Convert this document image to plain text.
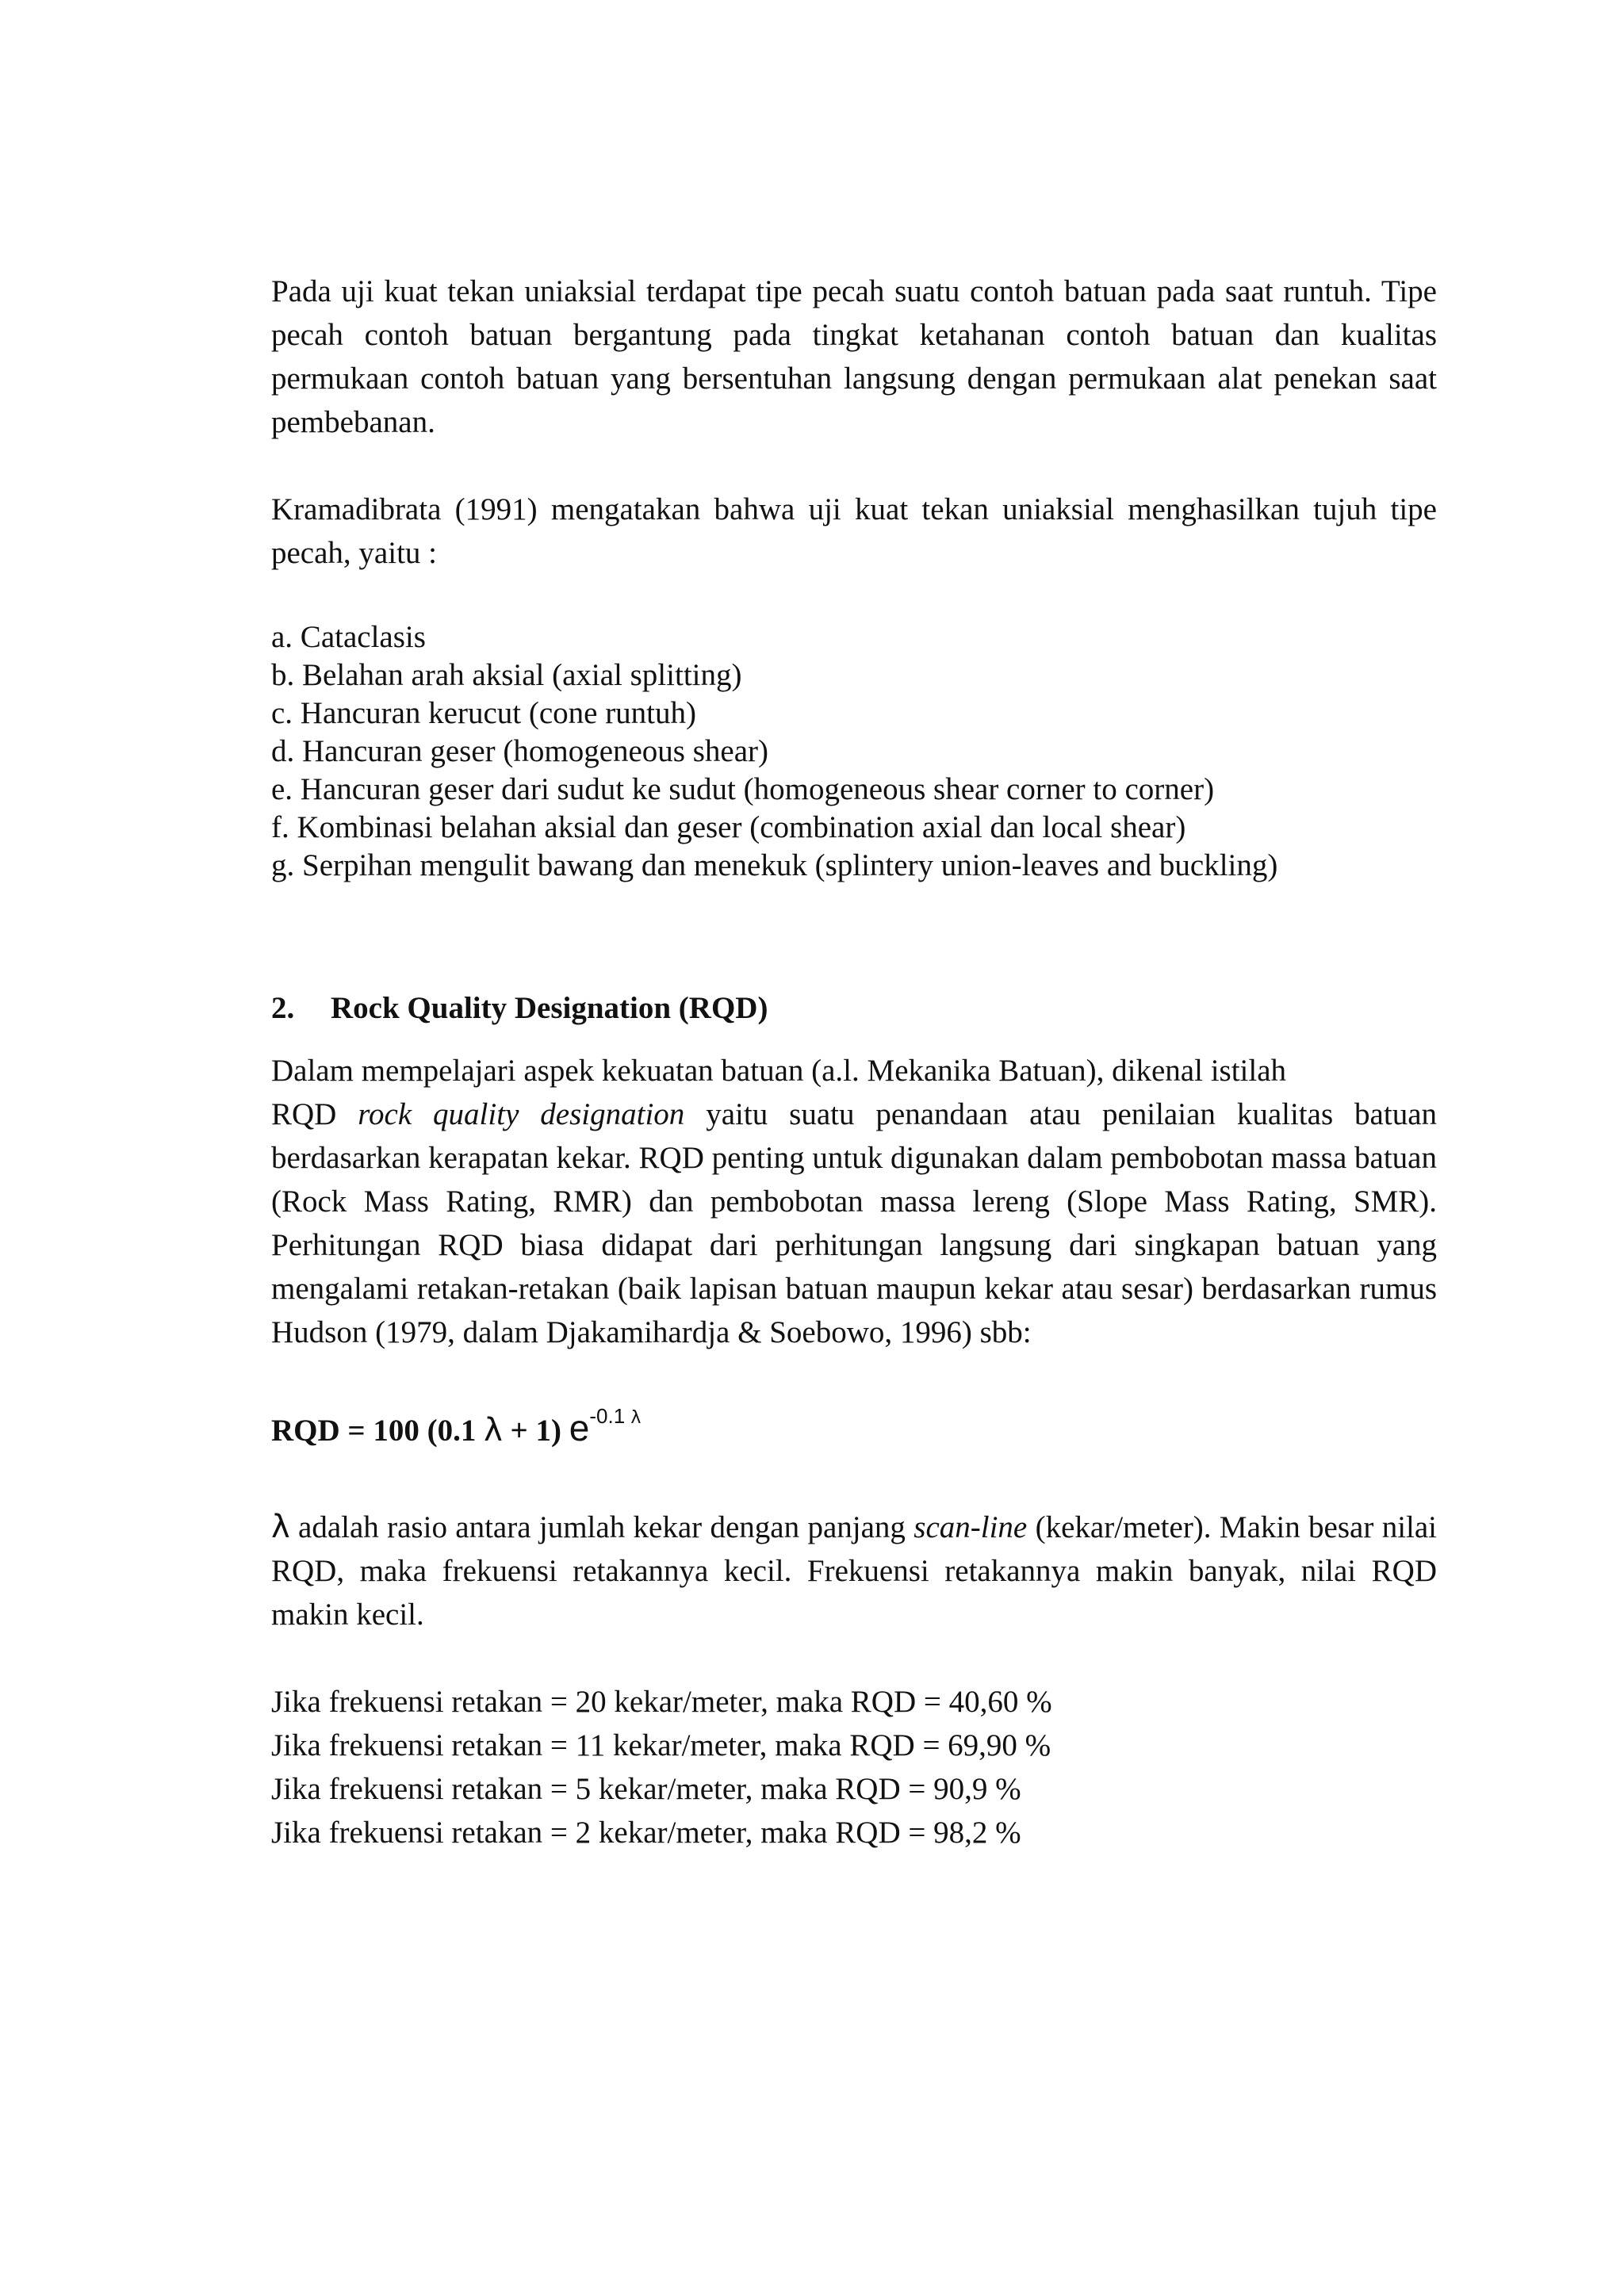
Pada uji kuat tekan uniaksial terdapat tipe pecah suatu contoh batuan pada saat runtuh. Tipe pecah contoh batuan bergantung pada tingkat ketahanan contoh batuan dan kualitas permukaan contoh batuan yang bersentuhan langsung dengan permukaan alat penekan saat pembebanan.

Kramadibrata (1991) mengatakan bahwa uji kuat tekan uniaksial menghasilkan tujuh tipe pecah, yaitu :

a. Cataclasis
b. Belahan arah aksial (axial splitting)
c. Hancuran kerucut (cone runtuh)
d. Hancuran geser (homogeneous shear)
e. Hancuran geser dari sudut ke sudut (homogeneous shear corner to corner)
f. Kombinasi belahan aksial dan geser (combination axial dan local shear)
g. Serpihan mengulit bawang dan menekuk (splintery union-leaves and buckling)
2. Rock Quality Designation (RQD)
Dalam mempelajari aspek kekuatan batuan (a.l. Mekanika Batuan), dikenal istilah
RQD rock quality designation yaitu suatu penandaan atau penilaian kualitas batuan berdasarkan kerapatan kekar. RQD penting untuk digunakan dalam pembobotan massa batuan (Rock Mass Rating, RMR) dan pembobotan massa lereng (Slope Mass Rating, SMR). Perhitungan RQD biasa didapat dari perhitungan langsung dari singkapan batuan yang mengalami retakan-retakan (baik lapisan batuan maupun kekar atau sesar) berdasarkan rumus Hudson (1979, dalam Djakamihardja & Soebowo, 1996) sbb:
RQD = 100 (0.1 λ + 1) $e^{-0.1 \lambda}$

λ adalah rasio antara jumlah kekar dengan panjang scan-line (kekar/meter). Makin besar nilai RQD, maka frekuensi retakannya kecil. Frekuensi retakannya makin banyak, nilai RQD makin kecil.

Jika frekuensi retakan = 20 kekar/meter, maka RQD = 40,60 %
Jika frekuensi retakan = 11 kekar/meter, maka RQD = 69,90 %
Jika frekuensi retakan = 5 kekar/meter, maka RQD = 90,9 %
Jika frekuensi retakan = 2 kekar/meter, maka RQD = 98,2 %
